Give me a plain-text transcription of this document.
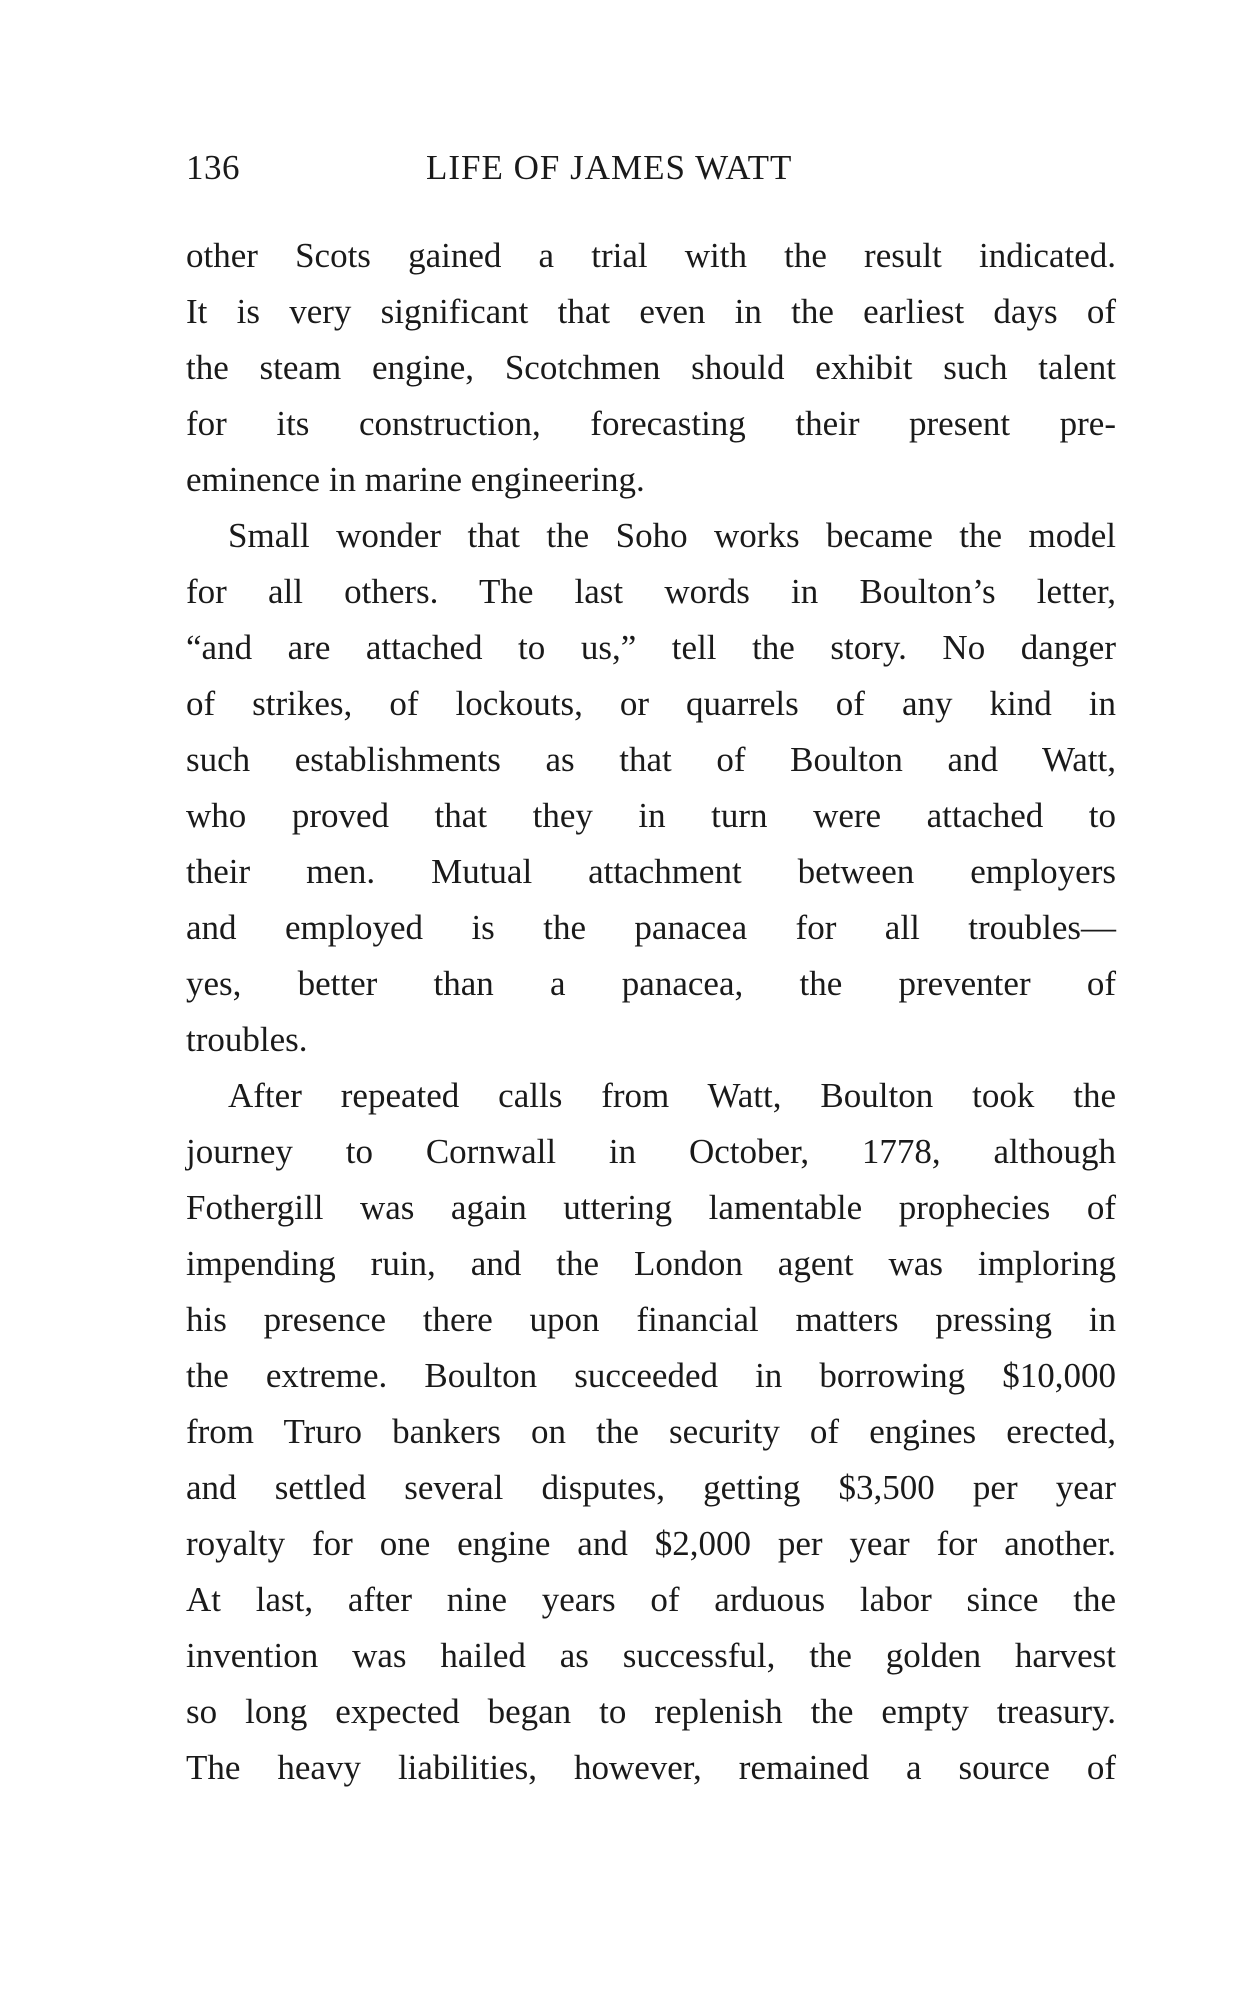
136	LIFE OF JAMES WATT
other Scots gained a trial with the result indicated.
It is very significant that even in the earliest days of
the steam engine, Scotchmen should exhibit such talent
for its construction, forecasting their present pre-
eminence in marine engineering.
Small wonder that the Soho works became the model
for all others. The last words in Boulton’s letter,
“and are attached to us,” tell the story. No danger
of strikes, of lockouts, or quarrels of any kind in
such establishments as that of Boulton and Watt,
who proved that they in turn were attached to
their men. Mutual attachment between employers
and employed is the panacea for all troubles—
yes, better than a panacea, the preventer of
troubles.
After repeated calls from Watt, Boulton took the
journey to Cornwall in October, 1778, although
Fothergill was again uttering lamentable prophecies of
impending ruin, and the London agent was imploring
his presence there upon financial matters pressing in
the extreme. Boulton succeeded in borrowing $10,000
from Truro bankers on the security of engines erected,
and settled several disputes, getting $3,500 per year
royalty for one engine and $2,000 per year for another.
At last, after nine years of arduous labor since the
invention was hailed as successful, the golden harvest
so long expected began to replenish the empty treasury.
The heavy liabilities, however, remained a source of
